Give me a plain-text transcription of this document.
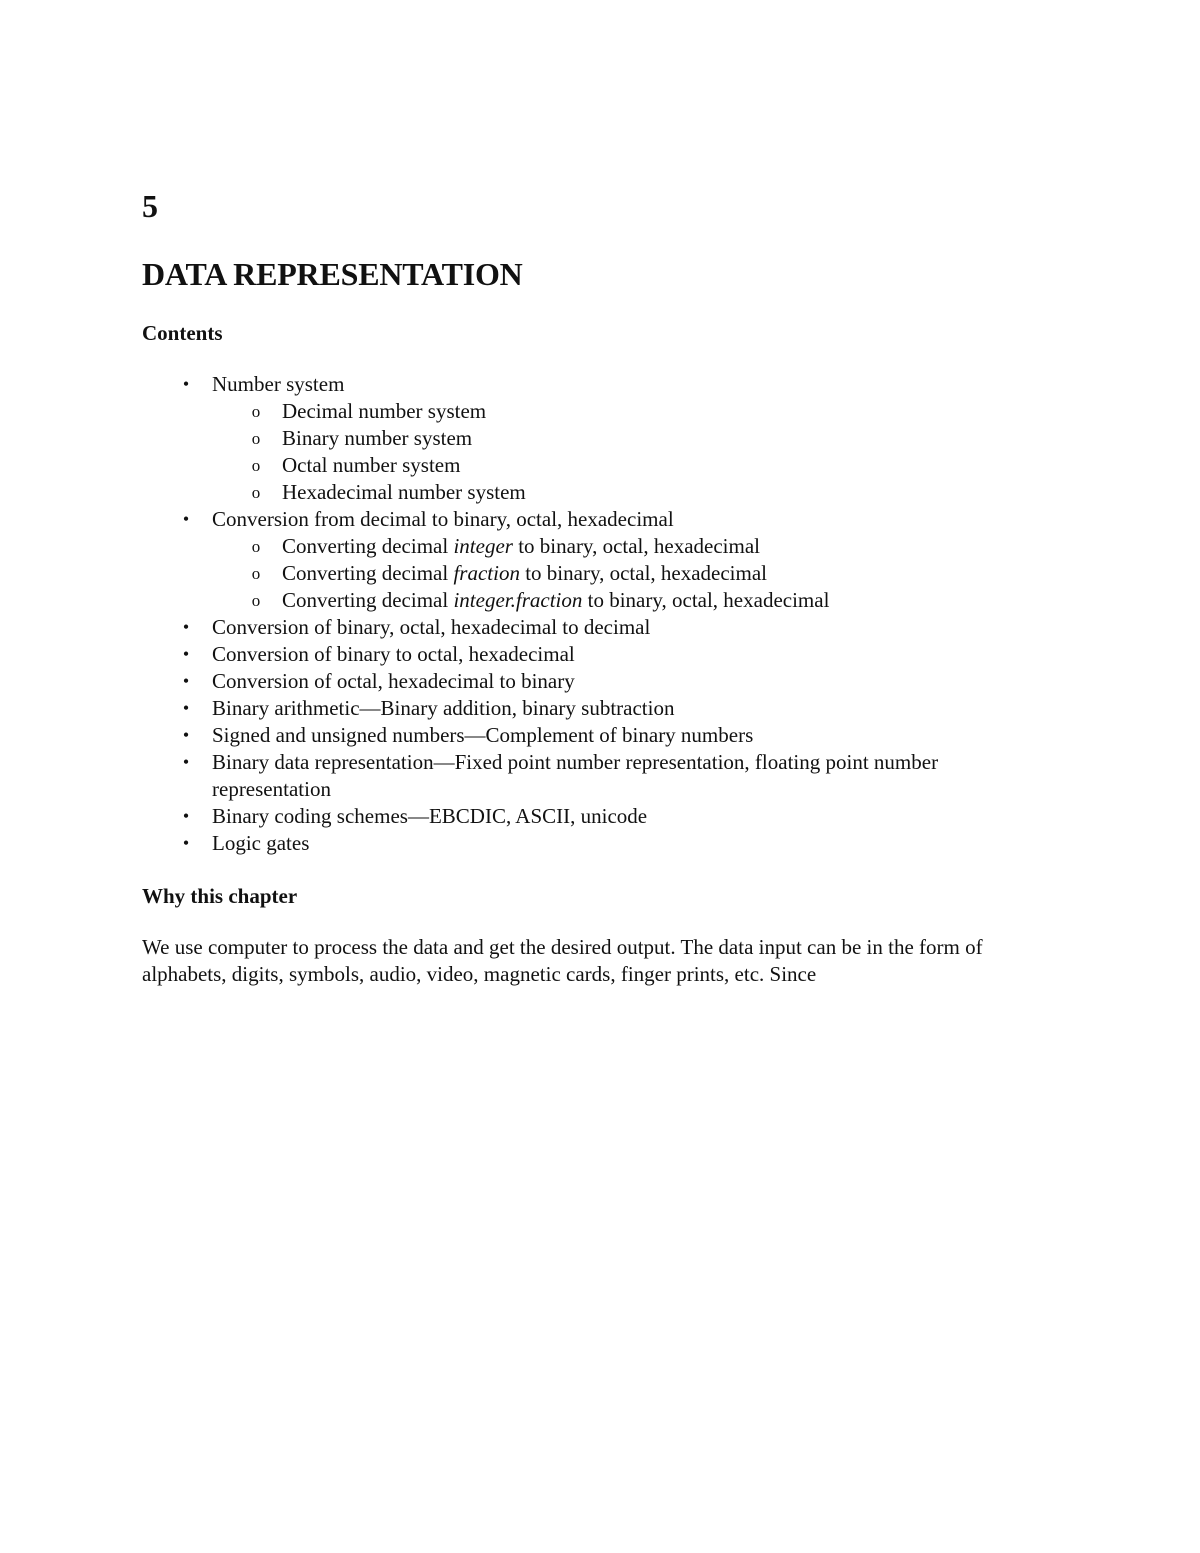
5
DATA REPRESENTATION
Contents
•	Number system
o Decimal number system
o Binary number system
o Octal number system
o Hexadecimal number system
•	Conversion from decimal to binary, octal, hexadecimal
o Converting decimal integer to binary, octal, hexadecimal
o Converting decimal fraction to binary, octal, hexadecimal
o Converting decimal integer.fraction to binary, octal, hexadecimal
•	Conversion of binary, octal, hexadecimal to decimal
•	Conversion of binary to octal, hexadecimal
•	Conversion of octal, hexadecimal to binary
•	Binary arithmetic—Binary addition, binary subtraction
•	Signed and unsigned numbers—Complement of binary numbers
•	Binary data representation—Fixed point number representation, floating point number representation
•	Binary coding schemes—EBCDIC, ASCII, unicode
•	Logic gates
Why this chapter

We use computer to process the data and get the desired output. The data input can be in the form of alphabets, digits, symbols, audio, video, magnetic cards, finger prints, etc. Since
